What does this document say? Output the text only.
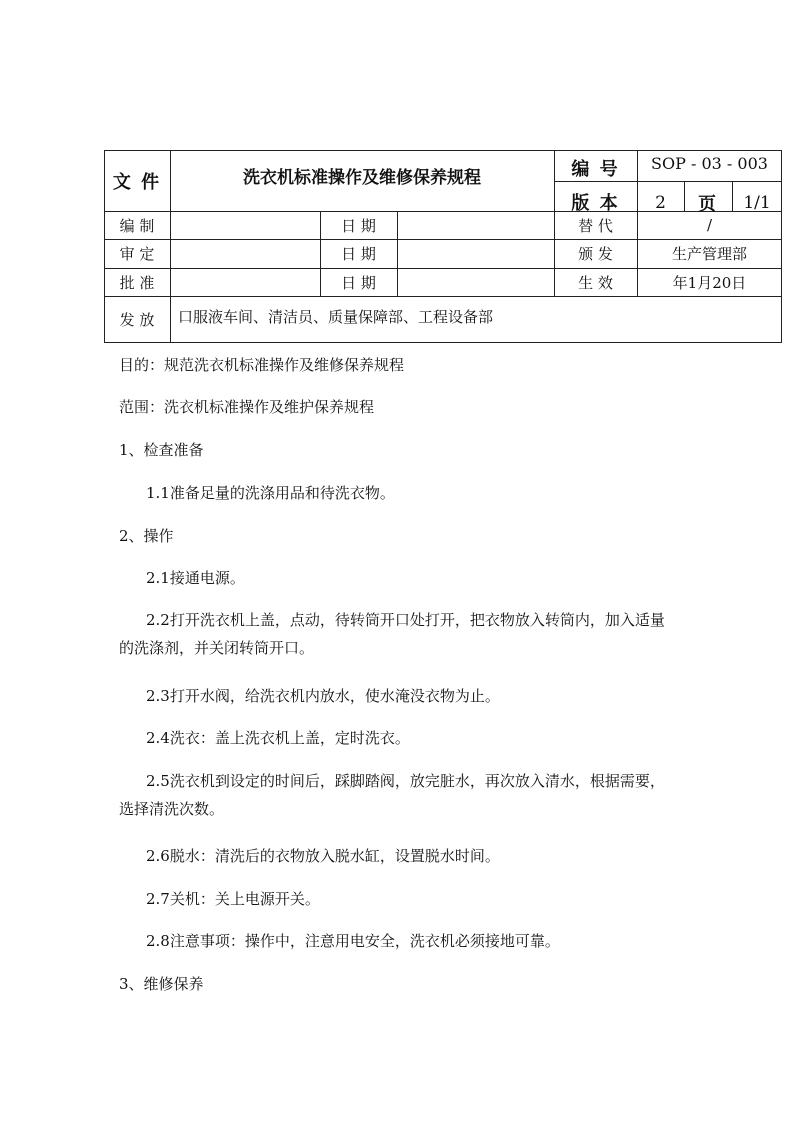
文 件	洗衣机标准操作及维修保养规程	编 号	SOP - 03 - 003
版 本	2	页	1/1
编 制	日 期	替 代	/
审 定	日 期	颁 发	生产管理部
批 准	日 期	生 效	年1月20日
发 放	口服液车间、清洁员、质量保障部、工程设备部
目的：规范洗衣机标准操作及维修保养规程
范围：洗衣机标准操作及维护保养规程
1、检查准备
1.1准备足量的洗涤用品和待洗衣物。
2、操作
2.1接通电源。
2.2打开洗衣机上盖，点动，待转筒开口处打开，把衣物放入转筒内，加入适量的洗涤剂，并关闭转筒开口。
2.3打开水阀，给洗衣机内放水，使水淹没衣物为止。
2.4洗衣：盖上洗衣机上盖，定时洗衣。
2.5洗衣机到设定的时间后，踩脚踏阀，放完脏水，再次放入清水，根据需要，选择清洗次数。
2.6脱水：清洗后的衣物放入脱水缸，设置脱水时间。
2.7关机：关上电源开关。
2.8注意事项：操作中，注意用电安全，洗衣机必须接地可靠。
3、维修保养
